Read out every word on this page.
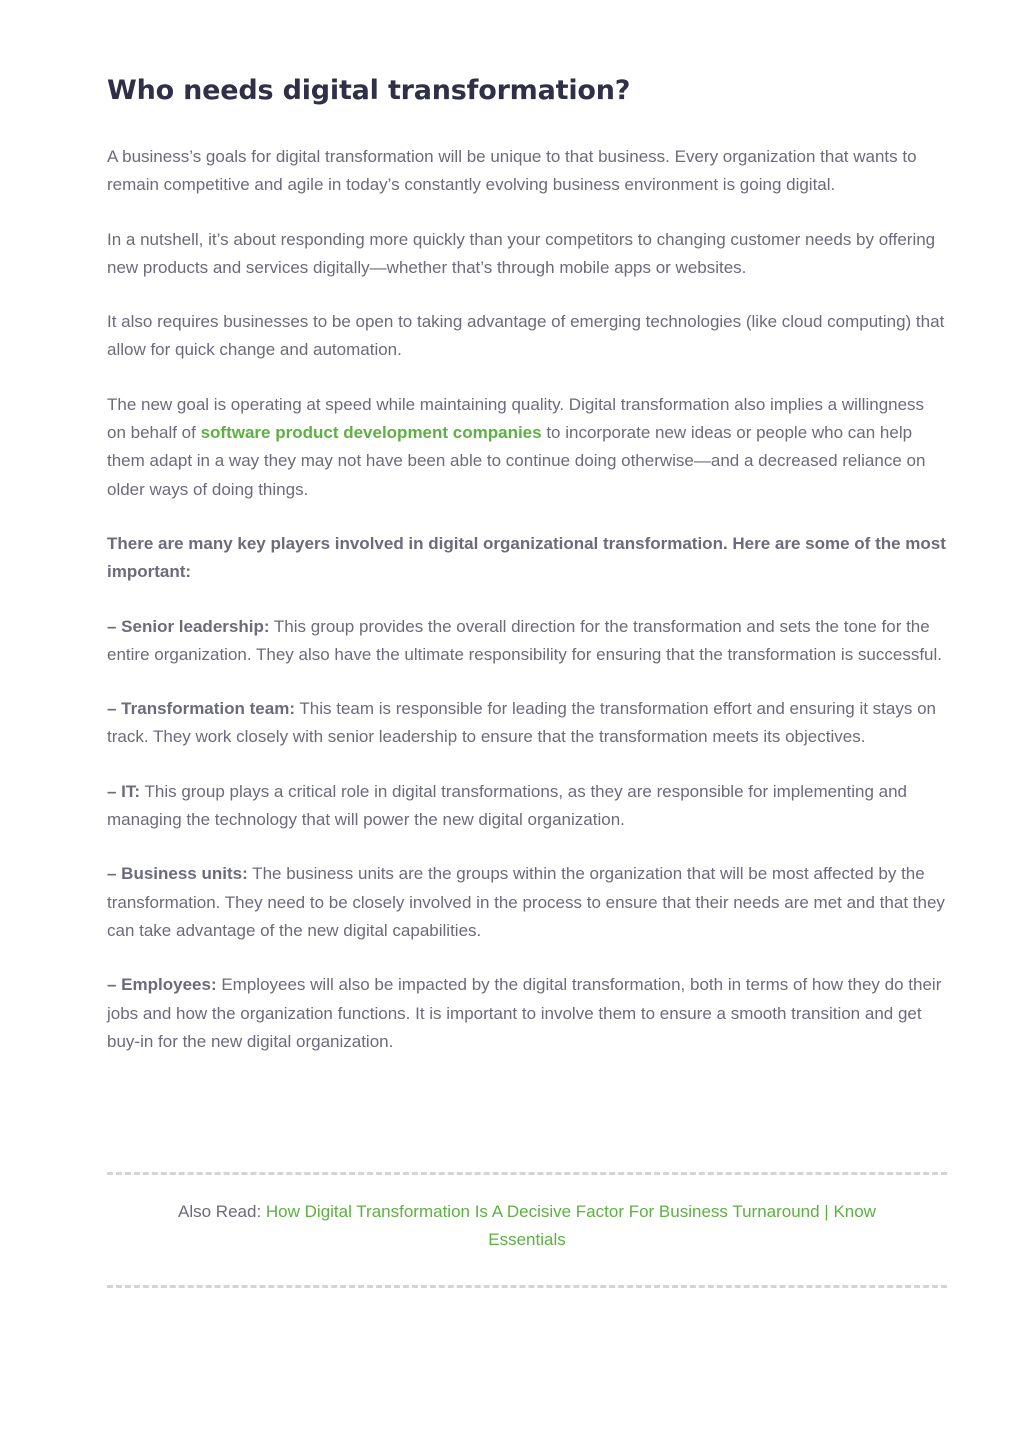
Who needs digital transformation?

A business’s goals for digital transformation will be unique to that business. Every organization that wants to remain competitive and agile in today’s constantly evolving business environment is going digital.

In a nutshell, it’s about responding more quickly than your competitors to changing customer needs by offering new products and services digitally—whether that’s through mobile apps or websites.

It also requires businesses to be open to taking advantage of emerging technologies (like cloud computing) that allow for quick change and automation.

The new goal is operating at speed while maintaining quality. Digital transformation also implies a willingness on behalf of software product development companies to incorporate new ideas or people who can help them adapt in a way they may not have been able to continue doing otherwise—and a decreased reliance on older ways of doing things.

There are many key players involved in digital organizational transformation. Here are some of the most important:

– Senior leadership: This group provides the overall direction for the transformation and sets the tone for the entire organization. They also have the ultimate responsibility for ensuring that the transformation is successful.

– Transformation team: This team is responsible for leading the transformation effort and ensuring it stays on track. They work closely with senior leadership to ensure that the transformation meets its objectives.

– IT: This group plays a critical role in digital transformations, as they are responsible for implementing and managing the technology that will power the new digital organization.

– Business units: The business units are the groups within the organization that will be most affected by the transformation. They need to be closely involved in the process to ensure that their needs are met and that they can take advantage of the new digital capabilities.

– Employees: Employees will also be impacted by the digital transformation, both in terms of how they do their jobs and how the organization functions. It is important to involve them to ensure a smooth transition and get buy-in for the new digital organization.

Also Read: How Digital Transformation Is A Decisive Factor For Business Turnaround | Know Essentials
